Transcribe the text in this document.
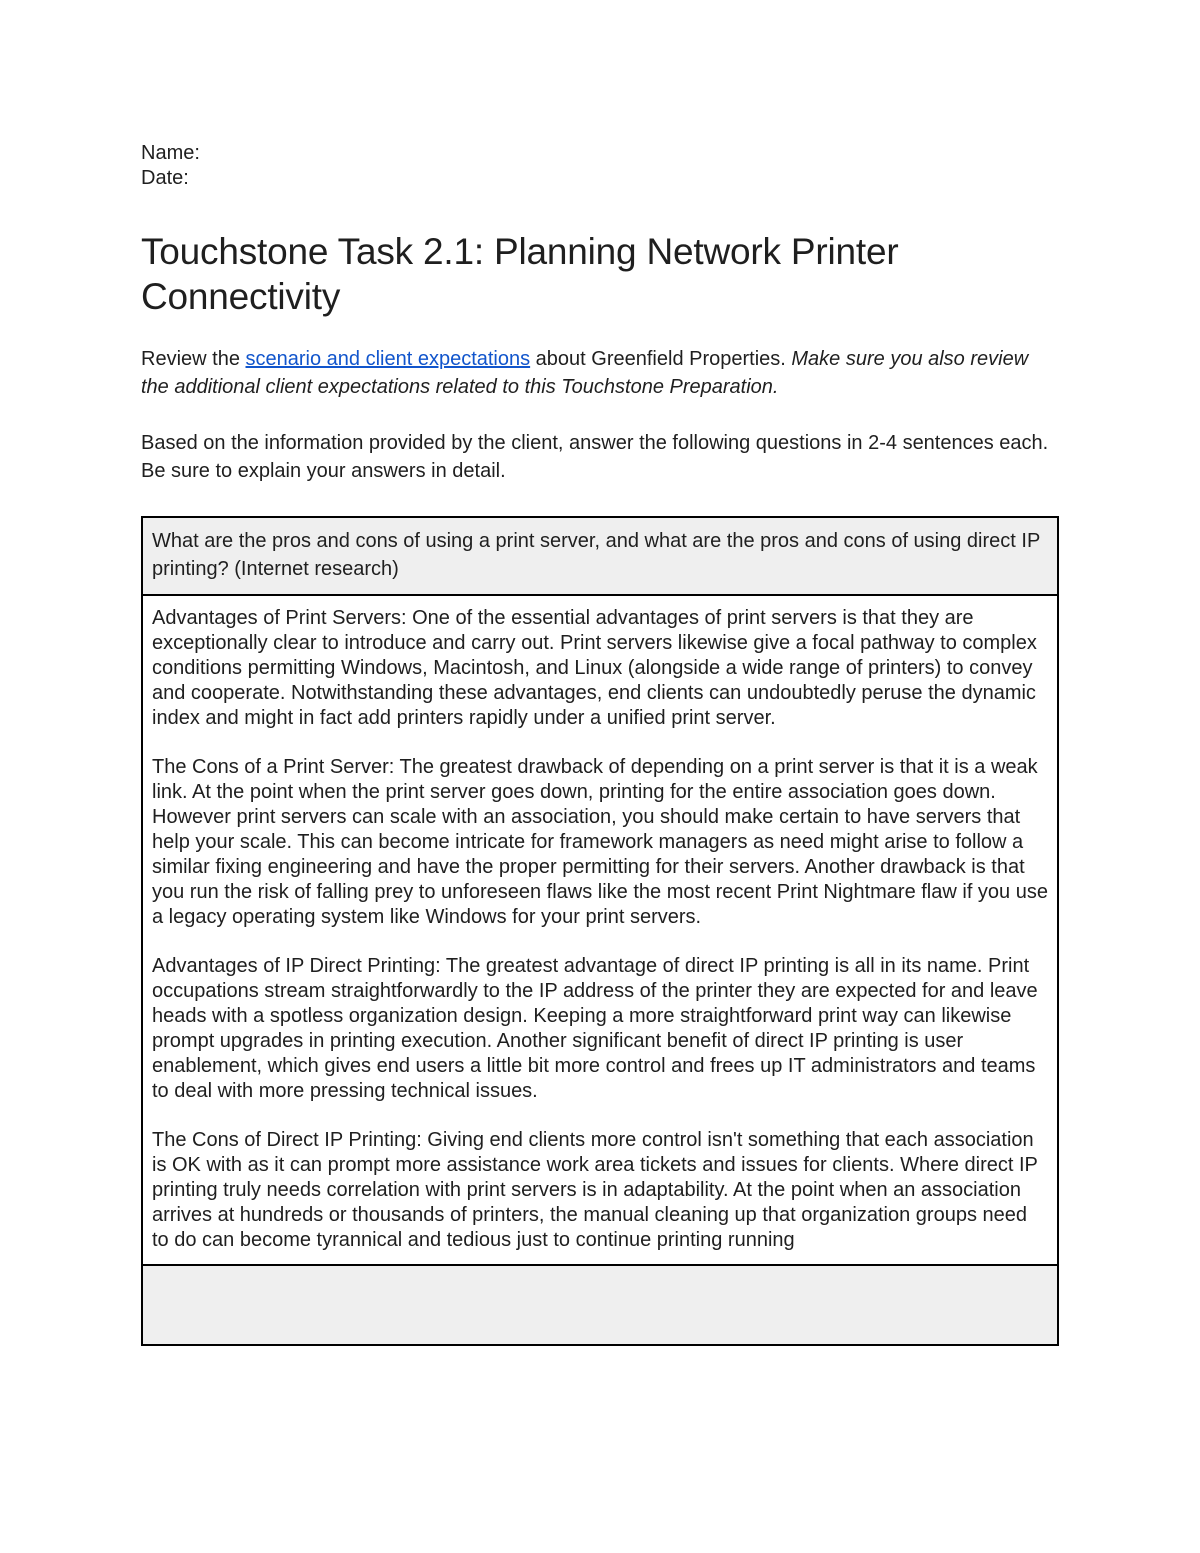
Name:

Date:

Touchstone Task 2.1: Planning Network Printer Connectivity

Review the scenario and client expectations about Greenfield Properties. Make sure you also review the additional client expectations related to this Touchstone Preparation.

Based on the information provided by the client, answer the following questions in 2-4 sentences each. Be sure to explain your answers in detail.

What are the pros and cons of using a print server, and what are the pros and cons of using direct IP printing? (Internet research)

Advantages of Print Servers: One of the essential advantages of print servers is that they are exceptionally clear to introduce and carry out. Print servers likewise give a focal pathway to complex conditions permitting Windows, Macintosh, and Linux (alongside a wide range of printers) to convey and cooperate. Notwithstanding these advantages, end clients can undoubtedly peruse the dynamic index and might in fact add printers rapidly under a unified print server.

The Cons of a Print Server: The greatest drawback of depending on a print server is that it is a weak link. At the point when the print server goes down, printing for the entire association goes down. However print servers can scale with an association, you should make certain to have servers that help your scale. This can become intricate for framework managers as need might arise to follow a similar fixing engineering and have the proper permitting for their servers. Another drawback is that you run the risk of falling prey to unforeseen flaws like the most recent Print Nightmare flaw if you use a legacy operating system like Windows for your print servers.

Advantages of IP Direct Printing: The greatest advantage of direct IP printing is all in its name. Print occupations stream straightforwardly to the IP address of the printer they are expected for and leave heads with a spotless organization design. Keeping a more straightforward print way can likewise prompt upgrades in printing execution. Another significant benefit of direct IP printing is user enablement, which gives end users a little bit more control and frees up IT administrators and teams to deal with more pressing technical issues.

The Cons of Direct IP Printing: Giving end clients more control isn't something that each association is OK with as it can prompt more assistance work area tickets and issues for clients. Where direct IP printing truly needs correlation with print servers is in adaptability. At the point when an association arrives at hundreds or thousands of printers, the manual cleaning up that organization groups need to do can become tyrannical and tedious just to continue printing running
